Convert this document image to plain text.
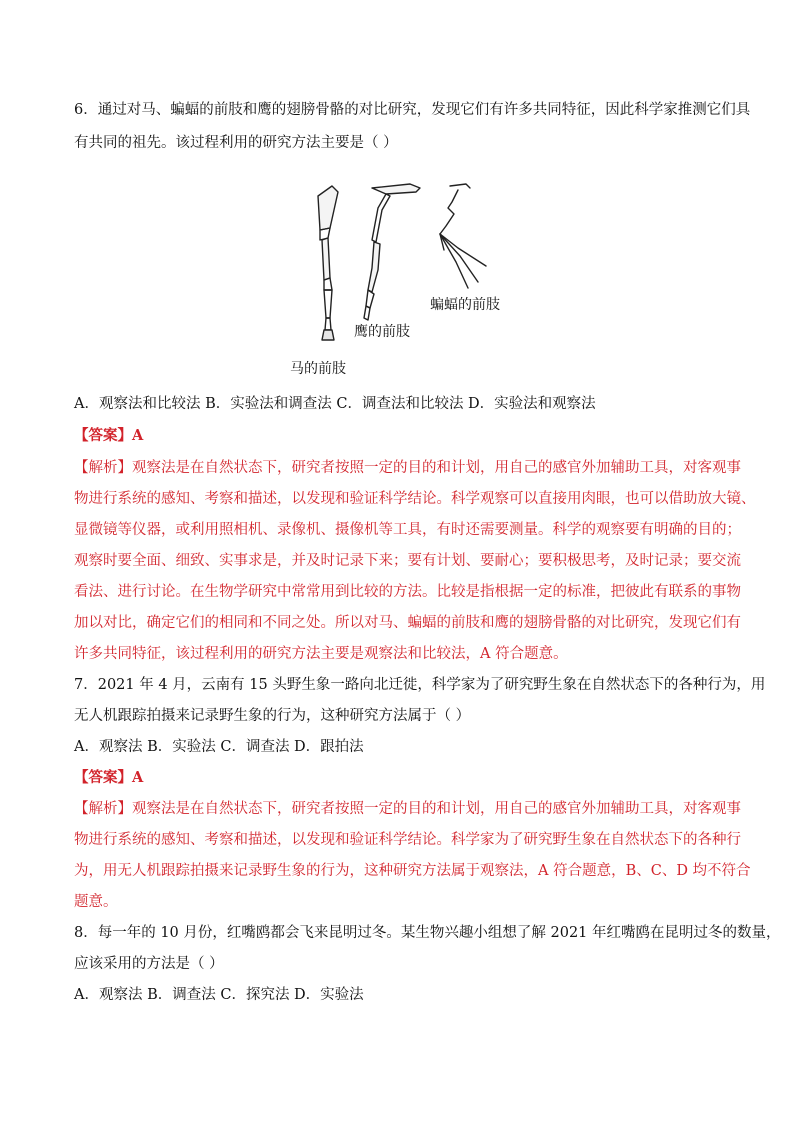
6．通过对马、蝙蝠的前肢和鹰的翅膀骨骼的对比研究，发现它们有许多共同特征，因此科学家推测它们具
有共同的祖先。该过程利用的研究方法主要是（ ）
马的前肢
鹰的前肢
蝙蝠的前肢
A．观察法和比较法 B．实验法和调查法 C．调查法和比较法 D．实验法和观察法
【答案】A
【解析】观察法是在自然状态下，研究者按照一定的目的和计划，用自己的感官外加辅助工具，对客观事
物进行系统的感知、考察和描述，以发现和验证科学结论。科学观察可以直接用肉眼，也可以借助放大镜、
显微镜等仪器，或利用照相机、录像机、摄像机等工具，有时还需要测量。科学的观察要有明确的目的；
观察时要全面、细致、实事求是，并及时记录下来；要有计划、要耐心；要积极思考，及时记录；要交流
看法、进行讨论。在生物学研究中常常用到比较的方法。比较是指根据一定的标准，把彼此有联系的事物
加以对比，确定它们的相同和不同之处。所以对马、蝙蝠的前肢和鹰的翅膀骨骼的对比研究，发现它们有
许多共同特征，该过程利用的研究方法主要是观察法和比较法，A 符合题意。
7．2021 年 4 月，云南有 15 头野生象一路向北迁徙，科学家为了研究野生象在自然状态下的各种行为，用
无人机跟踪拍摄来记录野生象的行为，这种研究方法属于（ ）
A．观察法 B．实验法 C．调查法 D．跟拍法
【答案】A
【解析】观察法是在自然状态下，研究者按照一定的目的和计划，用自己的感官外加辅助工具，对客观事
物进行系统的感知、考察和描述，以发现和验证科学结论。科学家为了研究野生象在自然状态下的各种行
为，用无人机跟踪拍摄来记录野生象的行为，这种研究方法属于观察法，A 符合题意，B、C、D 均不符合
题意。
8．每一年的 10 月份，红嘴鸥都会飞来昆明过冬。某生物兴趣小组想了解 2021 年红嘴鸥在昆明过冬的数量，
应该采用的方法是（ ）
A．观察法 B．调查法 C．探究法 D．实验法
